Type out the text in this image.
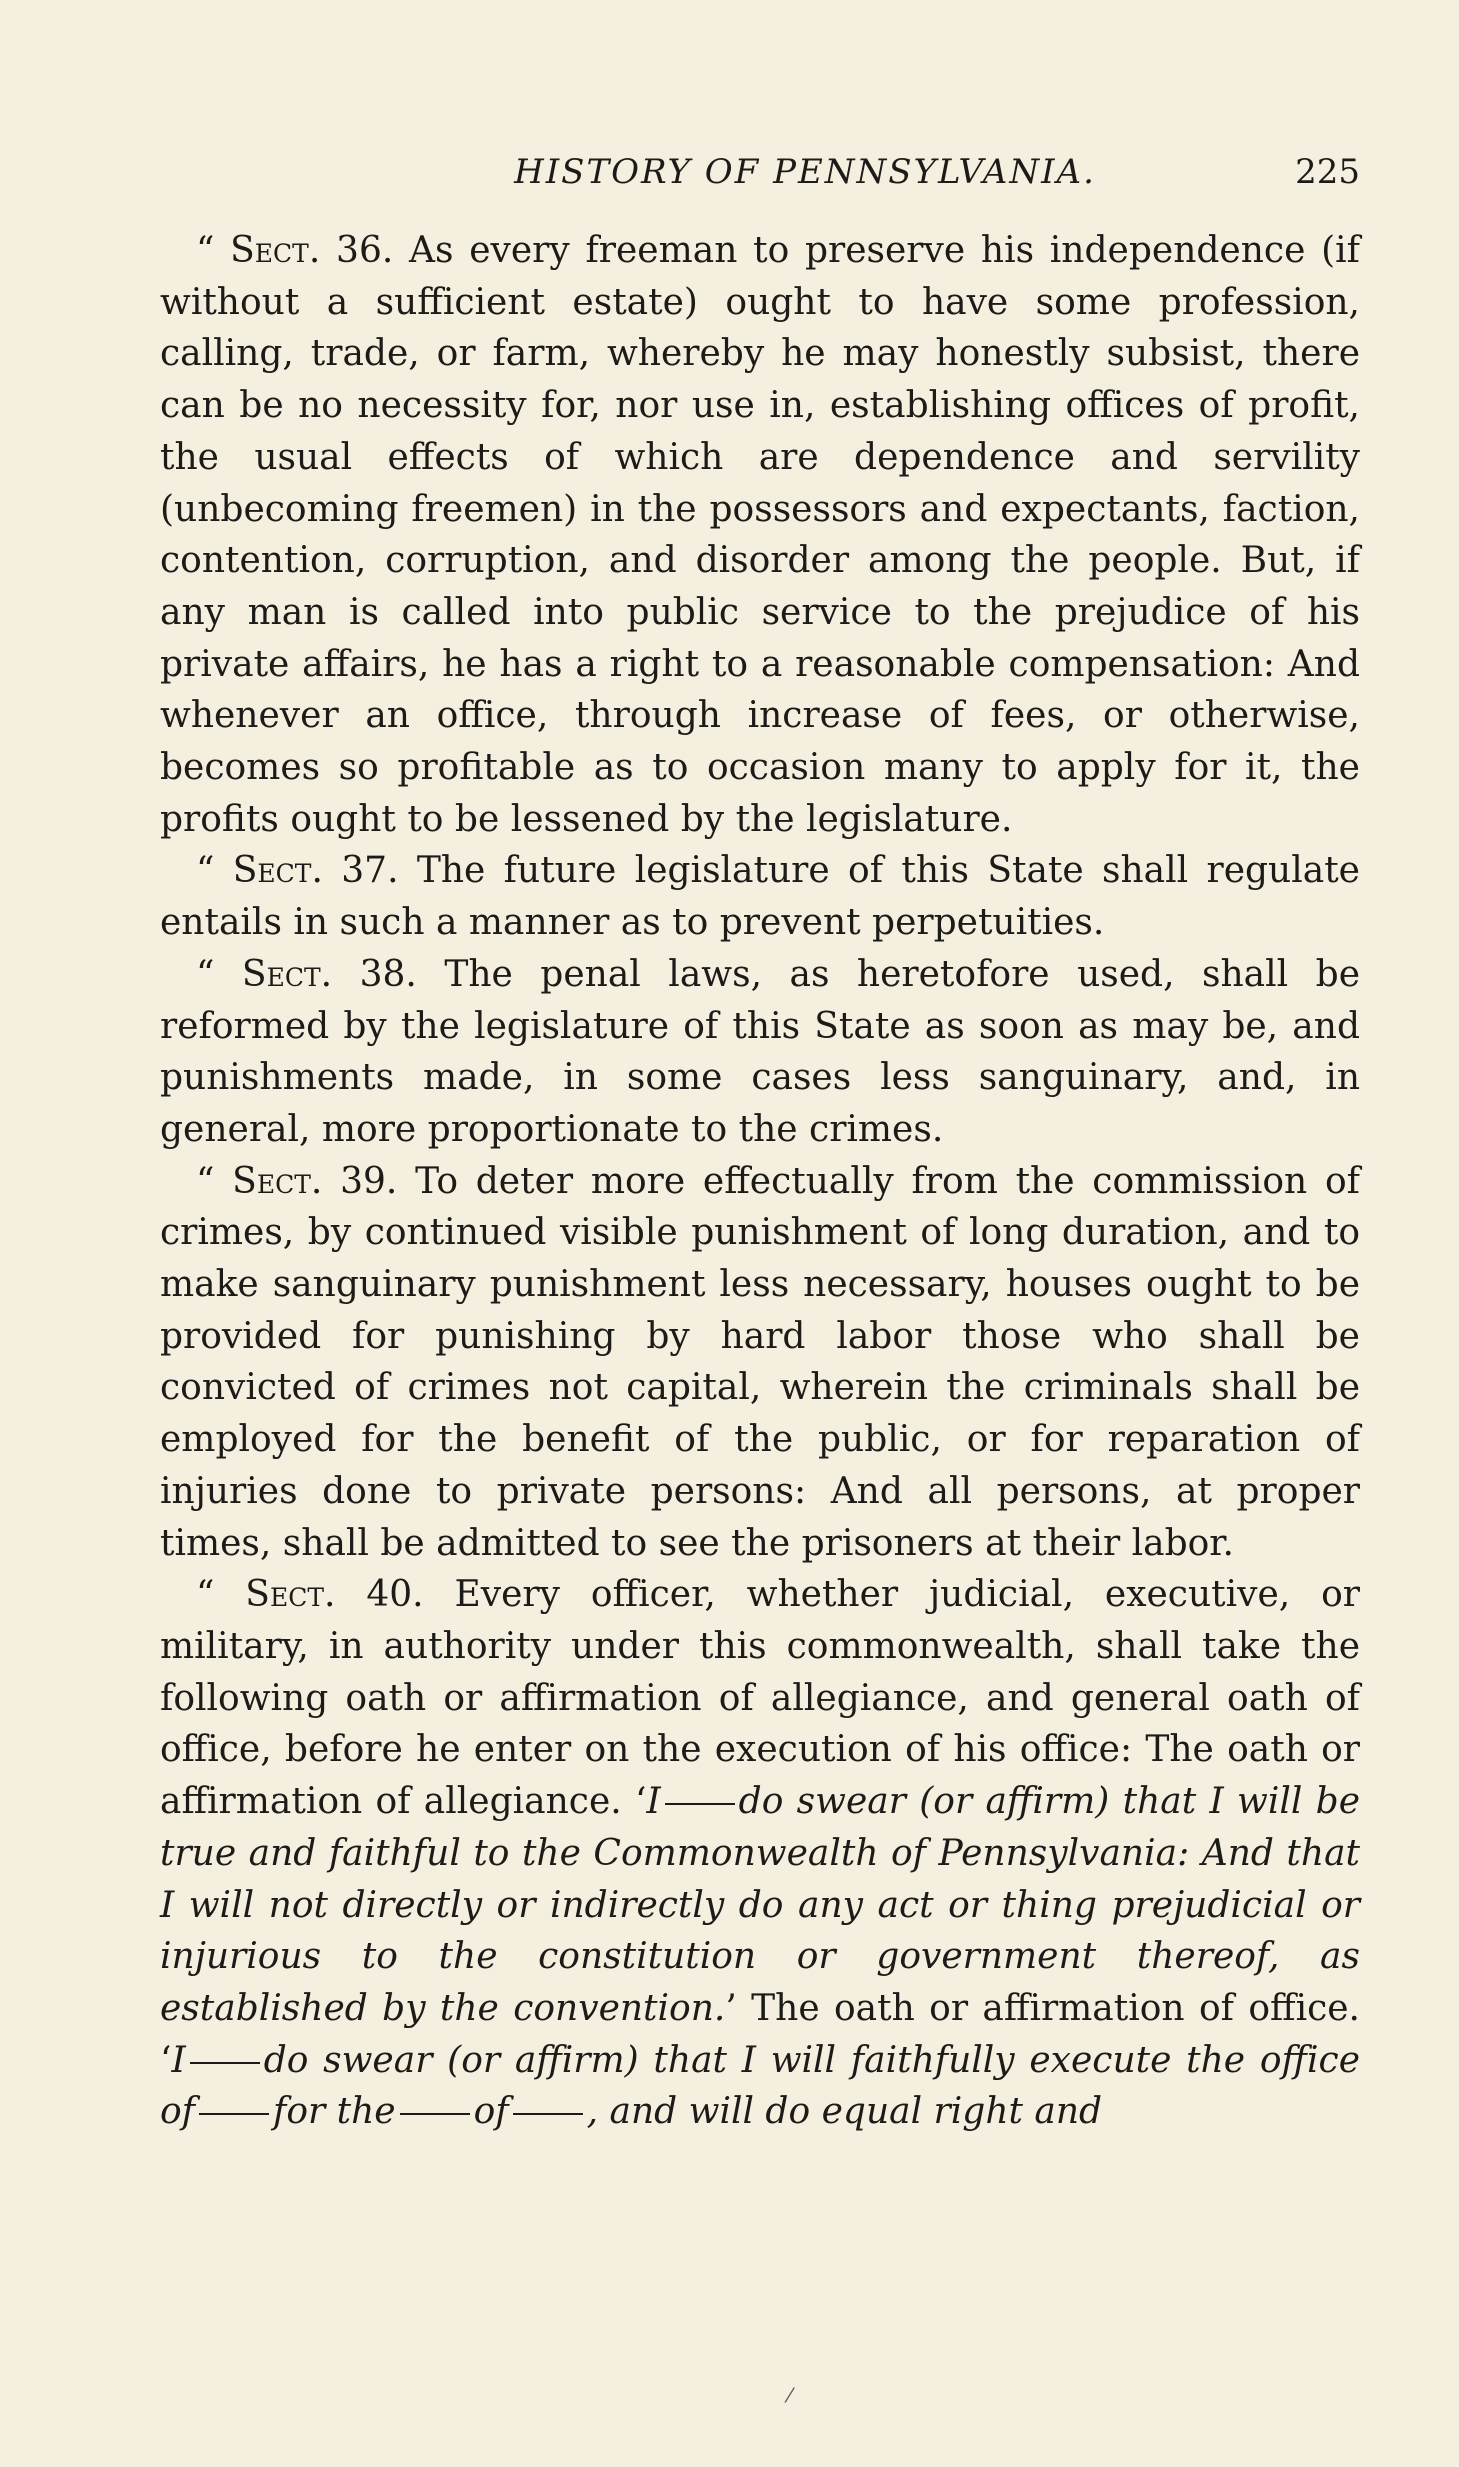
HISTORY OF PENNSYLVANIA.	225

“ Sect. 36. As every freeman to preserve his independence (if without a sufficient estate) ought to have some profession, calling, trade, or farm, whereby he may honestly subsist, there can be no necessity for, nor use in, establishing offices of profit, the usual effects of which are dependence and servility (unbecoming freemen) in the possessors and expectants, faction, contention, corruption, and disorder among the people. But, if any man is called into public service to the prejudice of his private affairs, he has a right to a reasonable compensation: And whenever an office, through increase of fees, or otherwise, becomes so profitable as to occasion many to apply for it, the profits ought to be lessened by the legislature.

“ Sect. 37. The future legislature of this State shall regulate entails in such a manner as to prevent perpetuities.

“ Sect. 38. The penal laws, as heretofore used, shall be reformed by the legislature of this State as soon as may be, and punishments made, in some cases less sanguinary, and, in general, more proportionate to the crimes.

“ Sect. 39. To deter more effectually from the commission of crimes, by continued visible punishment of long duration, and to make sanguinary punishment less necessary, houses ought to be provided for punishing by hard labor those who shall be convicted of crimes not capital, wherein the criminals shall be employed for the benefit of the public, or for reparation of injuries done to private persons: And all persons, at proper times, shall be admitted to see the prisoners at their labor.

“ Sect. 40. Every officer, whether judicial, executive, or military, in authority under this commonwealth, shall take the following oath or affirmation of allegiance, and general oath of office, before he enter on the execution of his office: The oath or affirmation of allegiance. ‘I do swear (or affirm) that I will be true and faithful to the Commonwealth of Pennsylvania: And that I will not directly or indirectly do any act or thing prejudicial or injurious to the constitution or government thereof, as established by the convention.’ The oath or affirmation of office. ‘I do swear (or affirm) that I will faithfully execute the office of for the of , and will do equal right and

⁄
